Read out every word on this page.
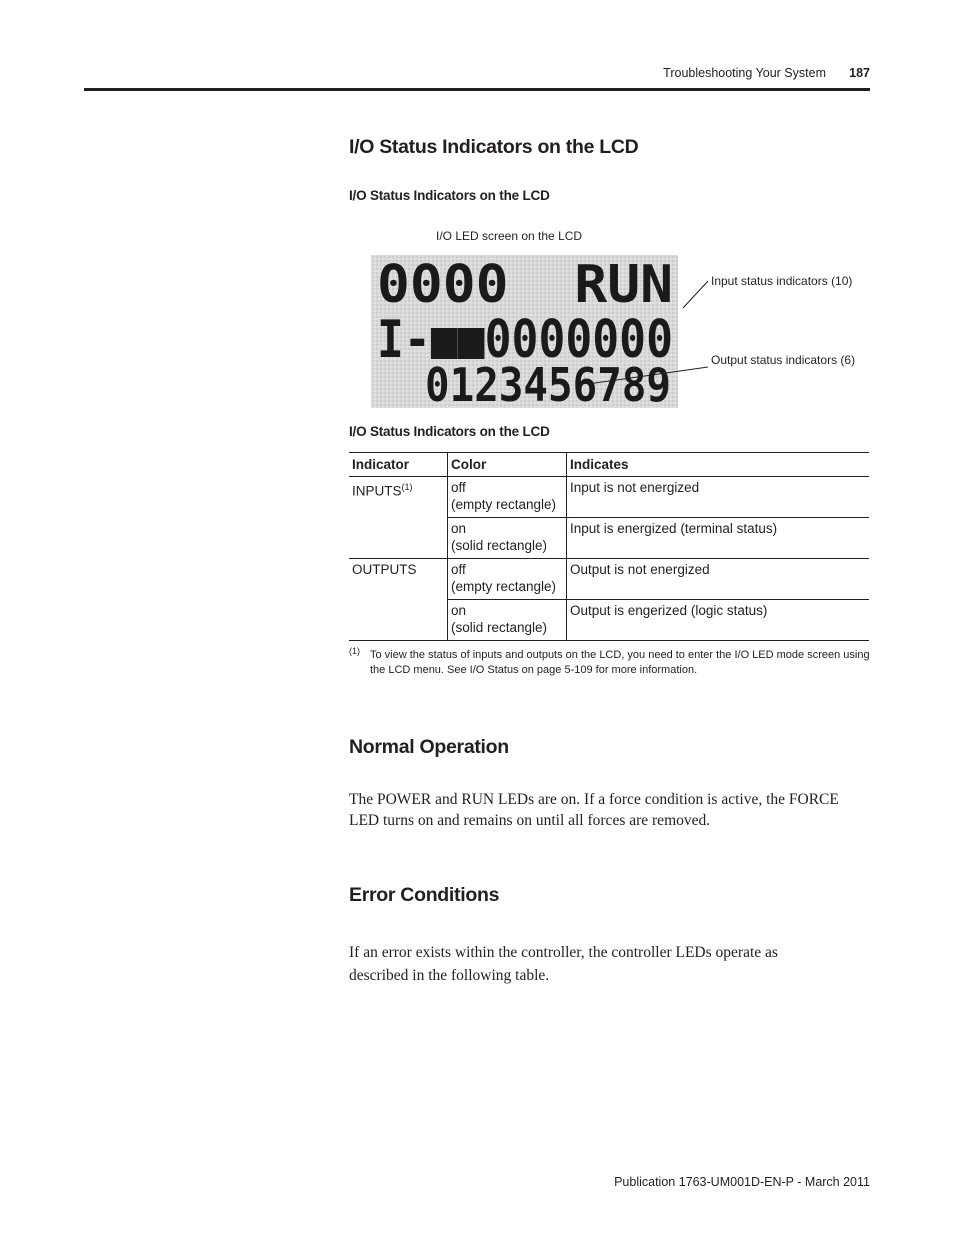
Troubleshooting Your System 187
I/O Status Indicators on the LCD
I/O Status Indicators on the LCD
I/O LED screen on the LCD
Input status indicators (10)
Output status indicators (6)
0000  RUN
I-■■0000000
0123456789
I/O Status Indicators on the LCD
Indicator	Color	Indicates
INPUTS$^{(1)}$	off
(empty rectangle)	Input is not energized
	on
(solid rectangle)	Input is energized (terminal status)
OUTPUTS	off
(empty rectangle)	Output is not energized
	on
(solid rectangle)	Output is engerized (logic status)
(1) To view the status of inputs and outputs on the LCD, you need to enter the I/O LED mode screen using the LCD menu. See I/O Status on page 5-109 for more information.
Normal Operation
The POWER and RUN LEDs are on. If a force condition is active, the FORCE LED turns on and remains on until all forces are removed.
Error Conditions
If an error exists within the controller, the controller LEDs operate as described in the following table.
Publication 1763-UM001D-EN-P - March 2011
